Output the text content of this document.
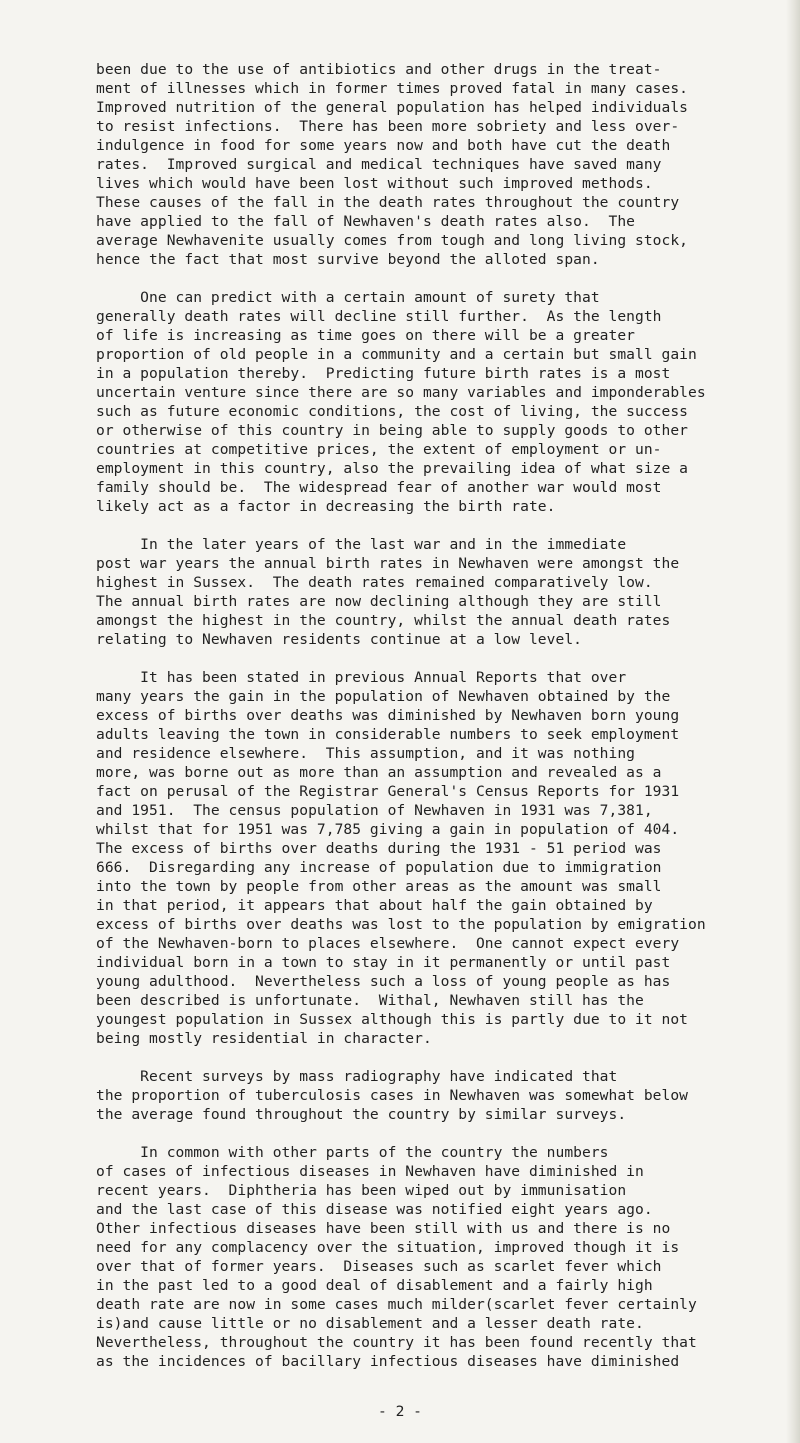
been due to the use of antibiotics and other drugs in the treat-
ment of illnesses which in former times proved fatal in many cases.
Improved nutrition of the general population has helped individuals
to resist infections.  There has been more sobriety and less over-
indulgence in food for some years now and both have cut the death
rates.  Improved surgical and medical techniques have saved many
lives which would have been lost without such improved methods.
These causes of the fall in the death rates throughout the country
have applied to the fall of Newhaven's death rates also.  The
average Newhavenite usually comes from tough and long living stock,
hence the fact that most survive beyond the alloted span.
One can predict with a certain amount of surety that
generally death rates will decline still further.  As the length
of life is increasing as time goes on there will be a greater
proportion of old people in a community and a certain but small gain
in a population thereby.  Predicting future birth rates is a most
uncertain venture since there are so many variables and imponderables
such as future economic conditions, the cost of living, the success
or otherwise of this country in being able to supply goods to other
countries at competitive prices, the extent of employment or un-
employment in this country, also the prevailing idea of what size a
family should be.  The widespread fear of another war would most
likely act as a factor in decreasing the birth rate.
In the later years of the last war and in the immediate
post war years the annual birth rates in Newhaven were amongst the
highest in Sussex.  The death rates remained comparatively low.
The annual birth rates are now declining although they are still
amongst the highest in the country, whilst the annual death rates
relating to Newhaven residents continue at a low level.
It has been stated in previous Annual Reports that over
many years the gain in the population of Newhaven obtained by the
excess of births over deaths was diminished by Newhaven born young
adults leaving the town in considerable numbers to seek employment
and residence elsewhere.  This assumption, and it was nothing
more, was borne out as more than an assumption and revealed as a
fact on perusal of the Registrar General's Census Reports for 1931
and 1951.  The census population of Newhaven in 1931 was 7,381,
whilst that for 1951 was 7,785 giving a gain in population of 404.
The excess of births over deaths during the 1931 - 51 period was
666.  Disregarding any increase of population due to immigration
into the town by people from other areas as the amount was small
in that period, it appears that about half the gain obtained by
excess of births over deaths was lost to the population by emigration
of the Newhaven-born to places elsewhere.  One cannot expect every
individual born in a town to stay in it permanently or until past
young adulthood.  Nevertheless such a loss of young people as has
been described is unfortunate.  Withal, Newhaven still has the
youngest population in Sussex although this is partly due to it not
being mostly residential in character.
Recent surveys by mass radiography have indicated that
the proportion of tuberculosis cases in Newhaven was somewhat below
the average found throughout the country by similar surveys.
In common with other parts of the country the numbers
of cases of infectious diseases in Newhaven have diminished in
recent years.  Diphtheria has been wiped out by immunisation
and the last case of this disease was notified eight years ago.
Other infectious diseases have been still with us and there is no
need for any complacency over the situation, improved though it is
over that of former years.  Diseases such as scarlet fever which
in the past led to a good deal of disablement and a fairly high
death rate are now in some cases much milder(scarlet fever certainly
is)and cause little or no disablement and a lesser death rate.
Nevertheless, throughout the country it has been found recently that
as the incidences of bacillary infectious diseases have diminished
- 2 -
